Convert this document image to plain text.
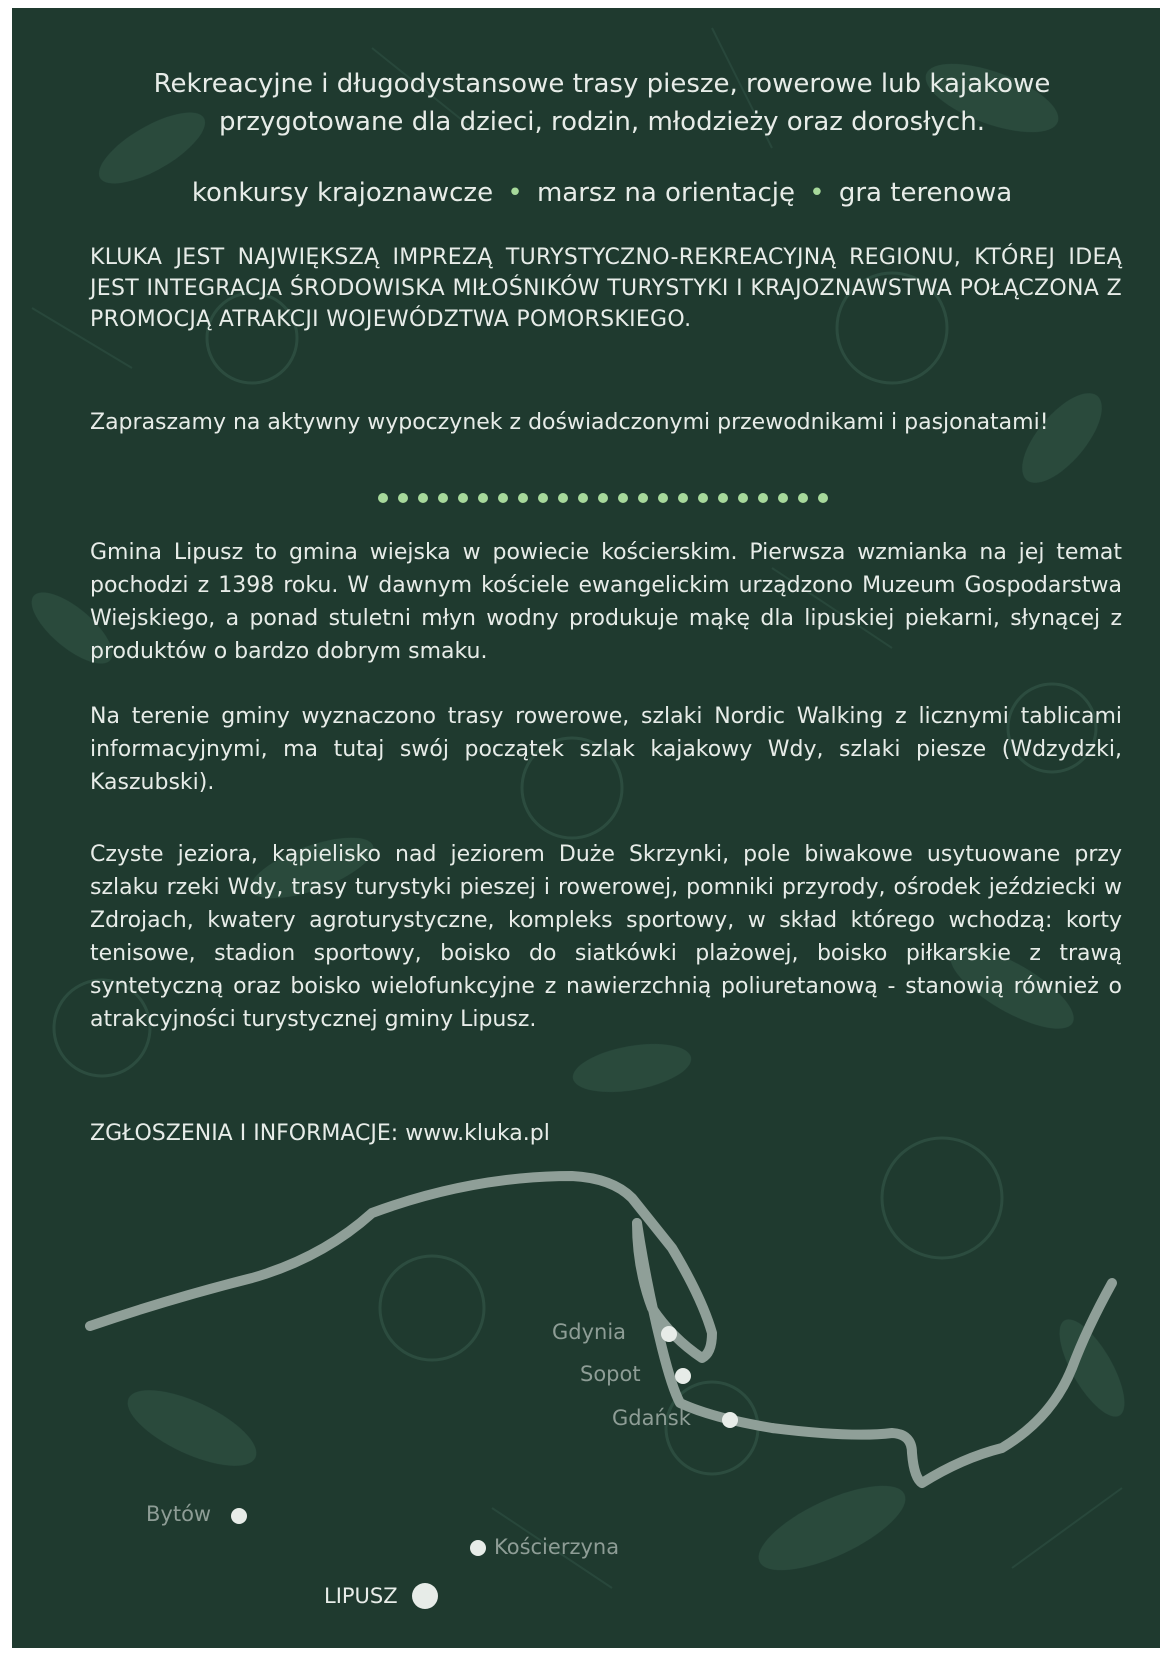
Rekreacyjne i długodystansowe trasy piesze, rowerowe lub kajakowe przygotowane dla dzieci, rodzin, młodzieży oraz dorosłych.
konkursy krajoznawcze • marsz na orientację • gra terenowa
KLUKA JEST NAJWIĘKSZĄ IMPREZĄ TURYSTYCZNO-REKREACYJNĄ REGIONU, KTÓREJ IDEĄ JEST INTEGRACJA ŚRODOWISKA MIŁOŚNIKÓW TURYSTYKI I KRAJOZNAWSTWA POŁĄCZONA Z PROMOCJĄ ATRAKCJI WOJEWÓDZTWA POMORSKIEGO.
Zapraszamy na aktywny wypoczynek z doświadczonymi przewodnikami i pasjonatami!
Gmina Lipusz to gmina wiejska w powiecie kościerskim. Pierwsza wzmianka na jej temat pochodzi z 1398 roku. W dawnym kościele ewangelickim urządzono Muzeum Gospodarstwa Wiejskiego, a ponad stuletni młyn wodny produkuje mąkę dla lipuskiej piekarni, słynącej z produktów o bardzo dobrym smaku.
Na terenie gminy wyznaczono trasy rowerowe, szlaki Nordic Walking z licznymi tablicami informacyjnymi, ma tutaj swój początek szlak kajakowy Wdy, szlaki piesze (Wdzydzki, Kaszubski).
Czyste jeziora, kąpielisko nad jeziorem Duże Skrzynki, pole biwakowe usytuowane przy szlaku rzeki Wdy, trasy turystyki pieszej i rowerowej, pomniki przyrody, ośrodek jeździecki w Zdrojach, kwatery agroturystyczne, kompleks sportowy, w skład którego wchodzą: korty tenisowe, stadion sportowy, boisko do siatkówki plażowej, boisko piłkarskie z trawą syntetyczną oraz boisko wielofunkcyjne z nawierzchnią poliuretanową - stanowią również o atrakcyjności turystycznej gminy Lipusz.
ZGŁOSZENIA I INFORMACJE: www.kluka.pl
Gdynia
Sopot
Gdańsk
Bytów
Kościerzyna
LIPUSZ
